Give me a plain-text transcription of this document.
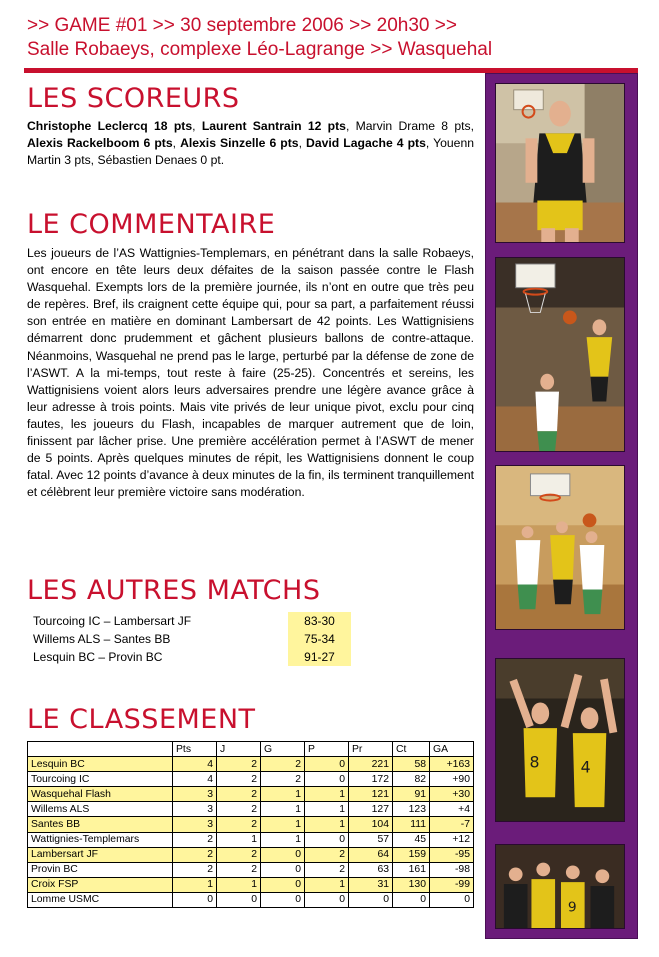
>> GAME #01 >> 30 septembre 2006 >> 20h30 >>
Salle Robaeys, complexe Léo-Lagrange >> Wasquehal
LES SCOREURS
Christophe Leclercq 18 pts, Laurent Santrain 12 pts, Marvin Drame 8 pts, Alexis Rackelboom 6 pts, Alexis Sinzelle 6 pts, David Lagache 4 pts, Youenn Martin 3 pts, Sébastien Denaes 0 pt.
LE COMMENTAIRE
Les joueurs de l’AS Wattignies-Templemars, en pénétrant dans la salle Robaeys, ont encore en tête leurs deux défaites de la saison passée contre le Flash Wasquehal. Exempts lors de la première journée, ils n’ont en outre que très peu de repères. Bref, ils craignent cette équipe qui, pour sa part, a parfaitement réussi son entrée en matière en dominant Lambersart de 42 points. Les Wattignisiens démarrent donc prudemment et gâchent plusieurs ballons de contre-attaque. Néanmoins, Wasquehal ne prend pas le large, perturbé par la défense de zone de l’ASWT. A la mi-temps, tout reste à faire (25-25). Concentrés et sereins, les Wattignisiens voient alors leurs adversaires prendre une légère avance grâce à leur adresse à trois points. Mais vite privés de leur unique pivot, exclu pour cinq fautes, les joueurs du Flash, incapables de marquer autrement que de loin, finissent par lâcher prise. Une première accélération permet à l’ASWT de mener de 5 points. Après quelques minutes de répit, les Wattignisiens donnent le coup fatal. Avec 12 points d’avance à deux minutes de la fin, ils terminent tranquillement et célèbrent leur première victoire sans modération.
LES AUTRES MATCHS
Tourcoing IC – Lambersart JF	83-30
Willems ALS – Santes BB	75-34
Lesquin BC – Provin BC	91-27
LE CLASSEMENT
	Pts	J	G	P	Pr	Ct	GA
Lesquin BC	4	2	2	0	221	58	+163
Tourcoing IC	4	2	2	0	172	82	+90
Wasquehal Flash	3	2	1	1	121	91	+30
Willems ALS	3	2	1	1	127	123	+4
Santes BB	3	2	1	1	104	111	-7
Wattignies-Templemars	2	1	1	0	57	45	+12
Lambersart JF	2	2	0	2	64	159	-95
Provin BC	2	2	0	2	63	161	-98
Croix FSP	1	1	0	1	31	130	-99
Lomme USMC	0	0	0	0	0	0	0
8	4
9
